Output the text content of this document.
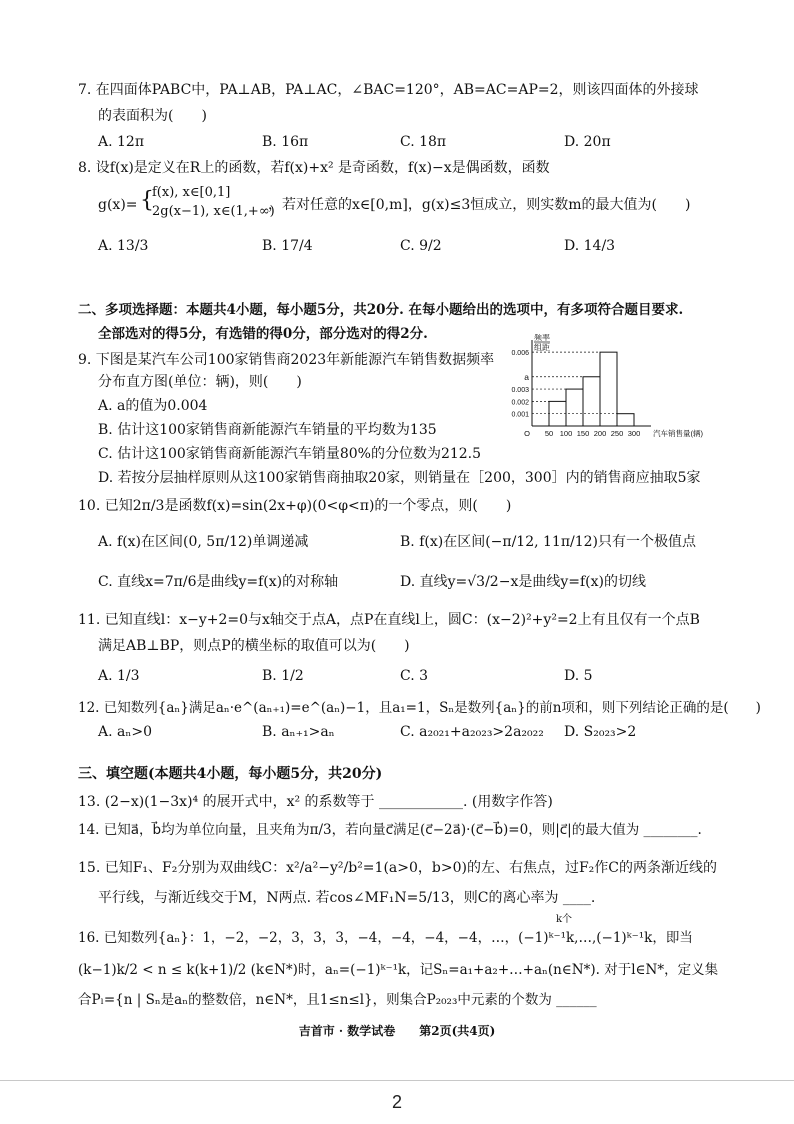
7. 在四面体PABC中，PA⊥AB，PA⊥AC，∠BAC=120°，AB=AC=AP=2，则该四面体的外接球
的表面积为(　　)
A. 12π	B. 16π	C. 18π	D. 20π
8. 设f(x)是定义在R上的函数，若f(x)+x² 是奇函数，f(x)−x是偶函数，函数
g(x)= {
f(x), x∈[0,1]
2g(x−1), x∈(1,+∞)
，若对任意的x∈[0,m]，g(x)≤3恒成立，则实数m的最大值为(　　)
A. 13/3	B. 17/4	C. 9/2	D. 14/3
二、多项选择题：本题共4小题，每小题5分，共20分. 在每小题给出的选项中，有多项符合题目要求.
全部选对的得5分，有选错的得0分，部分选对的得2分.
9. 下图是某汽车公司100家销售商2023年新能源汽车销售数据频率
分布直方图(单位：辆)，则(　　)
A. a的值为0.004
B. 估计这100家销售商新能源汽车销量的平均数为135
C. 估计这100家销售商新能源汽车销量80%的分位数为212.5
D. 若按分层抽样原则从这100家销售商抽取20家，则销量在［200，300］内的销售商应抽取5家
0.006
a
0.003
0.002
0.001
O 50 100 150 200 250 300
频率
组距
汽车销售量(辆)
10. 已知2π/3是函数f(x)=sin(2x+φ)(0<φ<π)的一个零点，则(　　)
A. f(x)在区间(0, 5π/12)单调递减	B. f(x)在区间(−π/12, 11π/12)只有一个极值点
C. 直线x=7π/6是曲线y=f(x)的对称轴	D. 直线y=√3/2−x是曲线y=f(x)的切线
11. 已知直线l：x−y+2=0与x轴交于点A，点P在直线l上，圆C：(x−2)²+y²=2上有且仅有一个点B
满足AB⊥BP，则点P的横坐标的取值可以为(　　)
A. 1/3	B. 1/2	C. 3	D. 5
12. 已知数列{aₙ}满足aₙ·e^(aₙ₊₁)=e^(aₙ)−1，且a₁=1，Sₙ是数列{aₙ}的前n项和，则下列结论正确的是(　　)
A. aₙ>0	B. aₙ₊₁>aₙ	C. a₂₀₂₁+a₂₀₂₃>2a₂₀₂₂ D. S₂₀₂₃>2
三、填空题(本题共4小题，每小题5分，共20分)
13. (2−x)(1−3x)⁴ 的展开式中，x² 的系数等于 ____________. (用数字作答)
14. 已知a⃗，b⃗均为单位向量，且夹角为π/3，若向量c⃗满足(c⃗−2a⃗)·(c⃗−b⃗)=0，则|c⃗|的最大值为 ________.
15. 已知F₁、F₂分别为双曲线C：x²/a²−y²/b²=1(a>0，b>0)的左、右焦点，过F₂作C的两条渐近线的
平行线，与渐近线交于M，N两点. 若cos∠MF₁N=5/13，则C的离心率为 ____.
k个
16. 已知数列{aₙ}：1，−2，−2，3，3，3，−4，−4，−4，−4，…，(−1)ᵏ⁻¹k,…,(−1)ᵏ⁻¹k，即当
(k−1)k/2 < n ≤ k(k+1)/2 (k∈N*)时，aₙ=(−1)ᵏ⁻¹k，记Sₙ=a₁+a₂+…+aₙ(n∈N*). 对于l∈N*，定义集
合Pₗ={n | Sₙ是aₙ的整数倍，n∈N*，且1≤n≤l}，则集合P₂₀₂₃中元素的个数为 ______
吉首市 · 数学试卷　　第2页(共4页)
2
